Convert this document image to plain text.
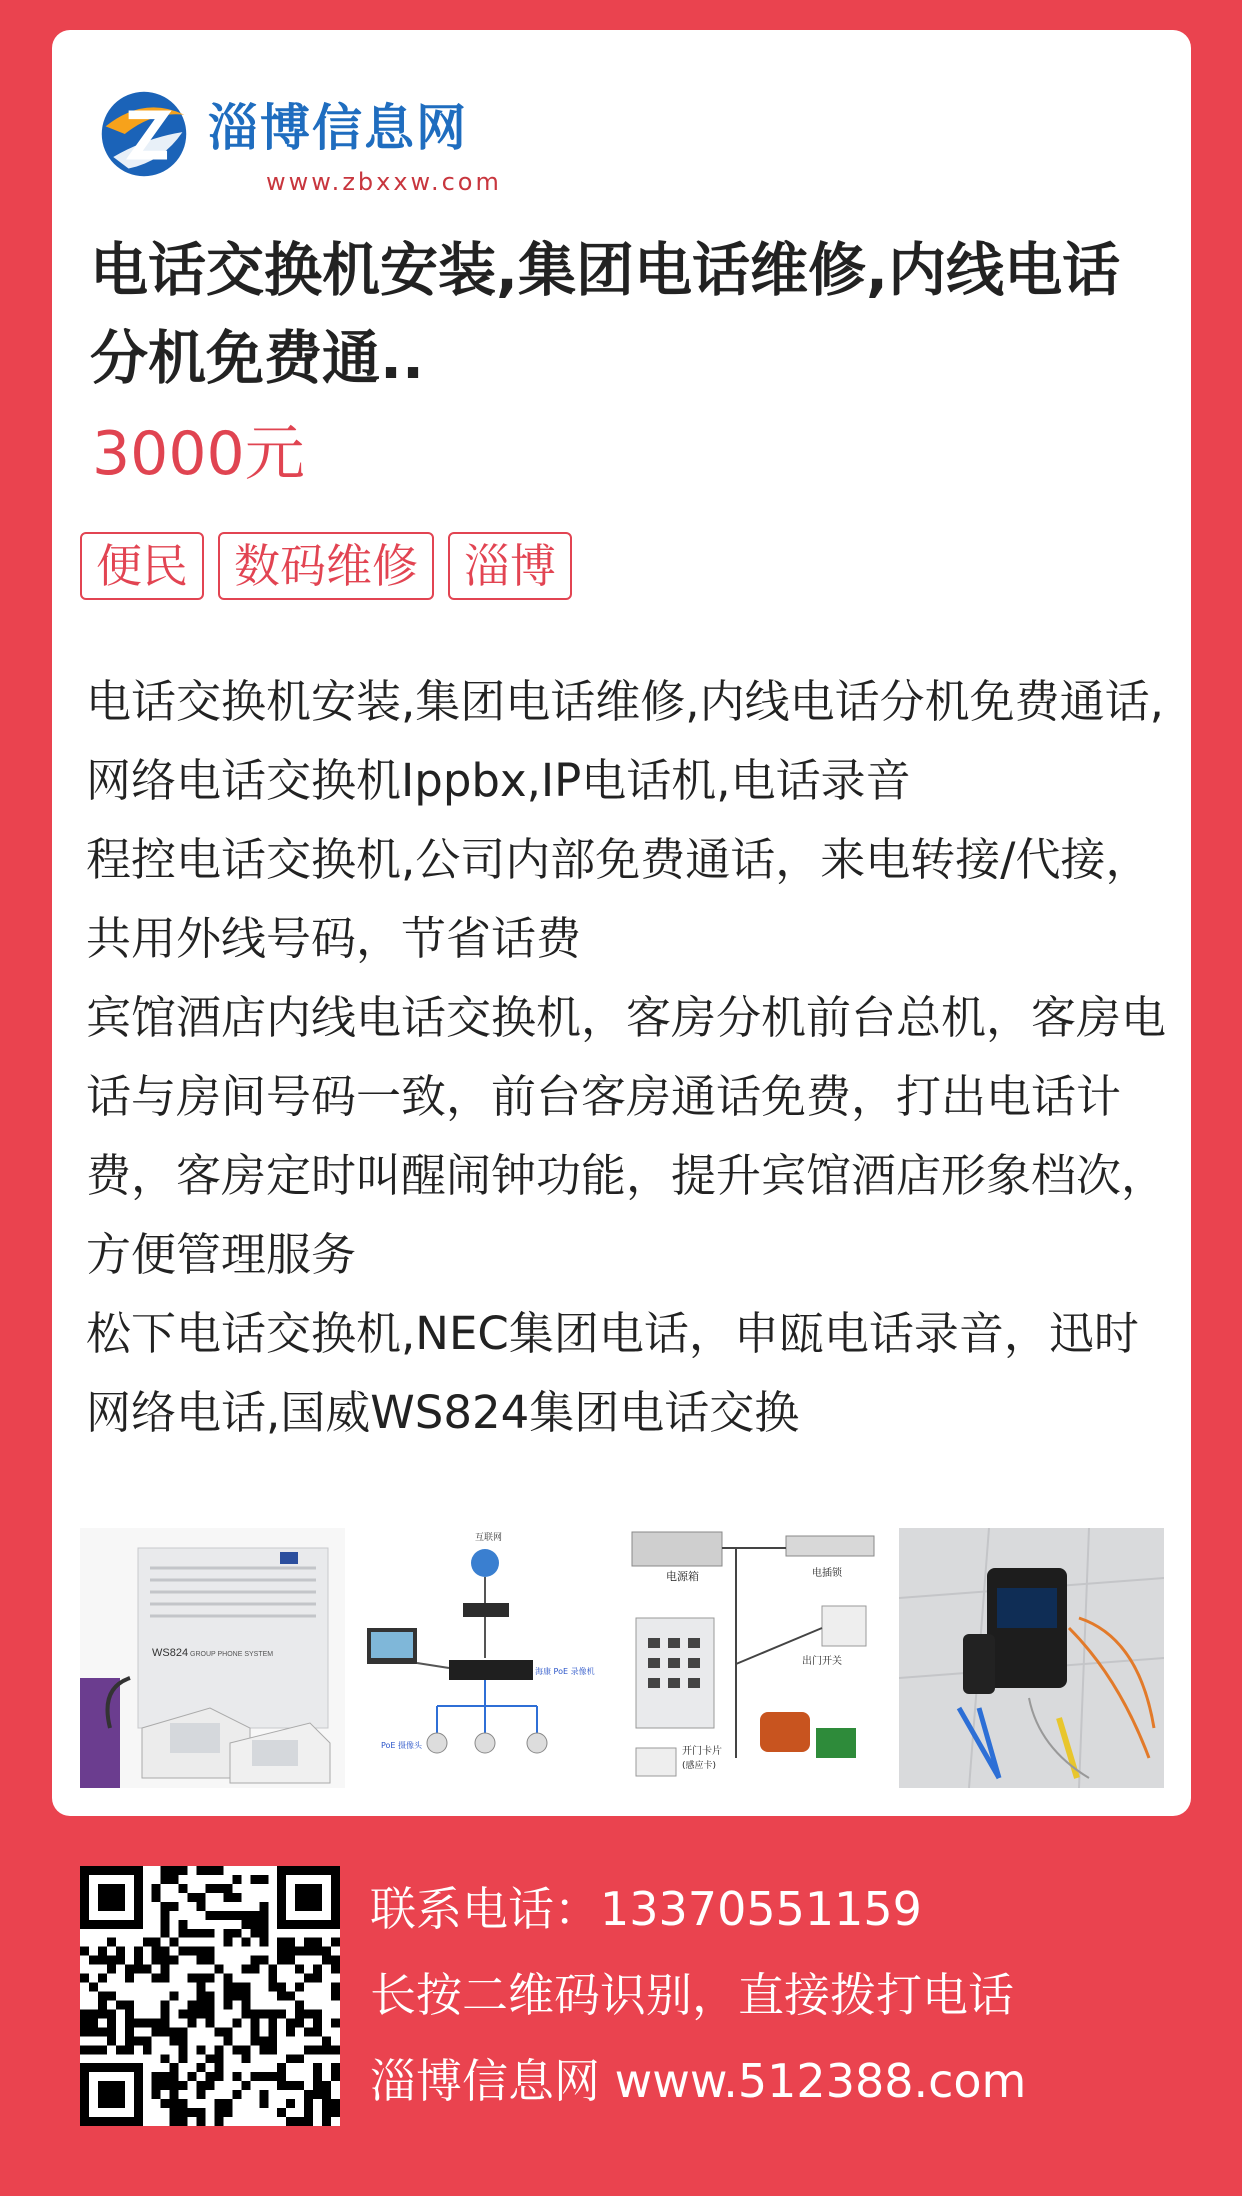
淄博信息网
www.zbxxw.com
电话交换机安装,集团电话维修,内线电话分机免费通..
3000元
便民	数码维修	淄博

电话交换机安装,集团电话维修,内线电话分机免费通话,网络电话交换机Ippbx,IP电话机,电话录音

程控电话交换机,公司内部免费通话，来电转接/代接，共用外线号码，节省话费

宾馆酒店内线电话交换机，客房分机前台总机，客房电话与房间号码一致，前台客房通话免费，打出电话计费，客房定时叫醒闹钟功能，提升宾馆酒店形象档次，方便管理服务

松下电话交换机,NEC集团电话，申瓯电话录音，迅时网络电话,国威WS824集团电话交换

WS824 GROUP PHONE SYSTEM
互联网
海康 PoE 录像机
PoE 摄像头
电源箱	电插锁
出门开关
开门卡片
(感应卡)
联系电话：13370551159
长按二维码识别，直接拨打电话
淄博信息网 www.512388.com
